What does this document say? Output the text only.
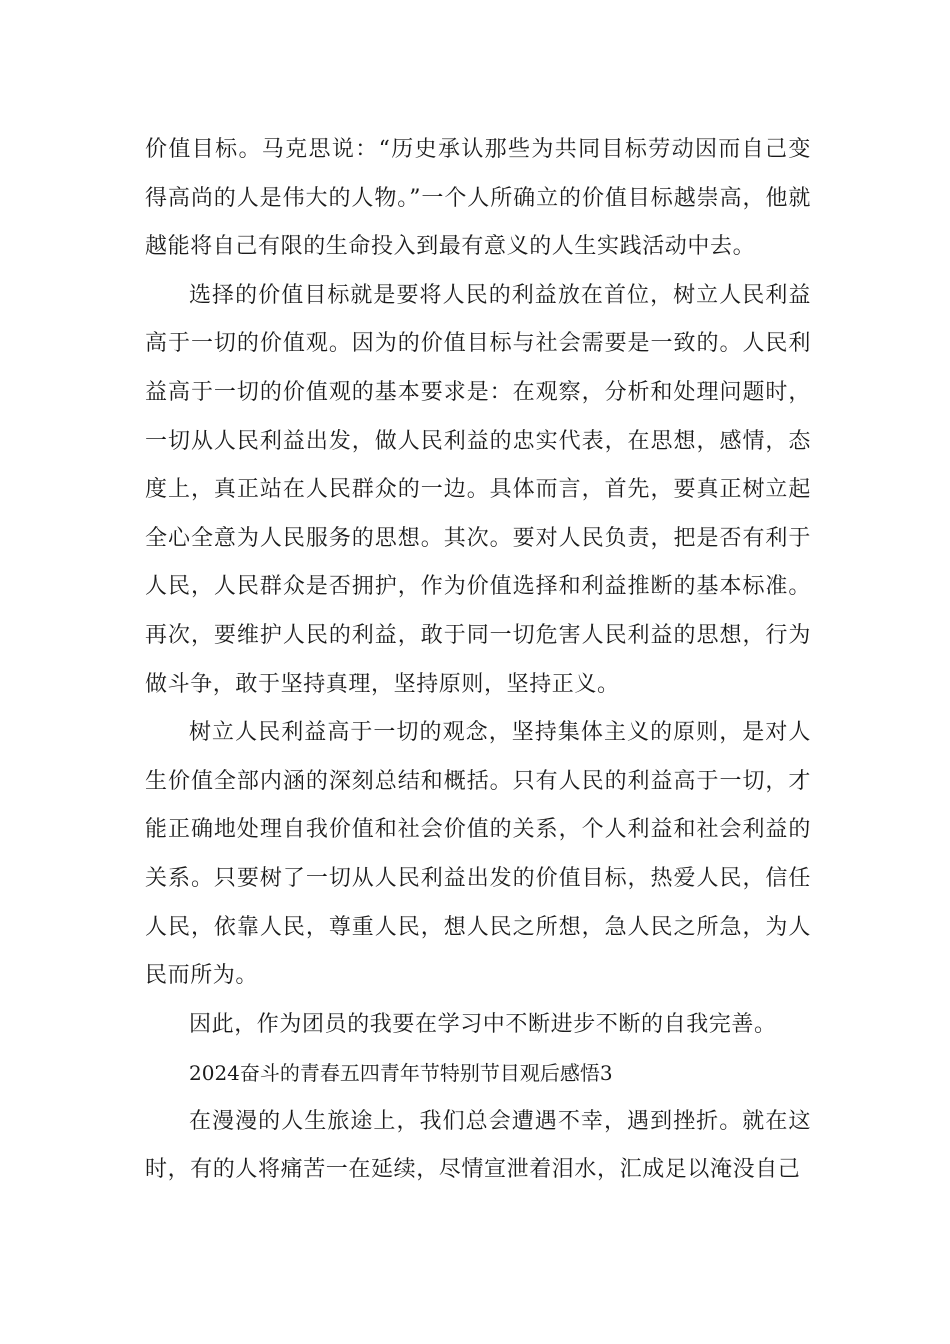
价值目标。马克思说：“历史承认那些为共同目标劳动因而自己变得高尚的人是伟大的人物。”一个人所确立的价值目标越崇高，他就越能将自己有限的生命投入到最有意义的人生实践活动中去。

选择的价值目标就是要将人民的利益放在首位，树立人民利益高于一切的价值观。因为的价值目标与社会需要是一致的。人民利益高于一切的价值观的基本要求是：在观察，分析和处理问题时，一切从人民利益出发，做人民利益的忠实代表，在思想，感情，态度上，真正站在人民群众的一边。具体而言，首先，要真正树立起全心全意为人民服务的思想。其次。要对人民负责，把是否有利于人民，人民群众是否拥护，作为价值选择和利益推断的基本标准。再次，要维护人民的利益，敢于同一切危害人民利益的思想，行为做斗争，敢于坚持真理，坚持原则，坚持正义。

树立人民利益高于一切的观念，坚持集体主义的原则，是对人生价值全部内涵的深刻总结和概括。只有人民的利益高于一切，才能正确地处理自我价值和社会价值的关系，个人利益和社会利益的关系。只要树了一切从人民利益出发的价值目标，热爱人民，信任人民，依靠人民，尊重人民，想人民之所想，急人民之所急，为人民而所为。

因此，作为团员的我要在学习中不断进步不断的自我完善。

2024奋斗的青春五四青年节特别节目观后感悟3

在漫漫的人生旅途上，我们总会遭遇不幸，遇到挫折。就在这时，有的人将痛苦一在延续，尽情宣泄着泪水，汇成足以淹没自己
